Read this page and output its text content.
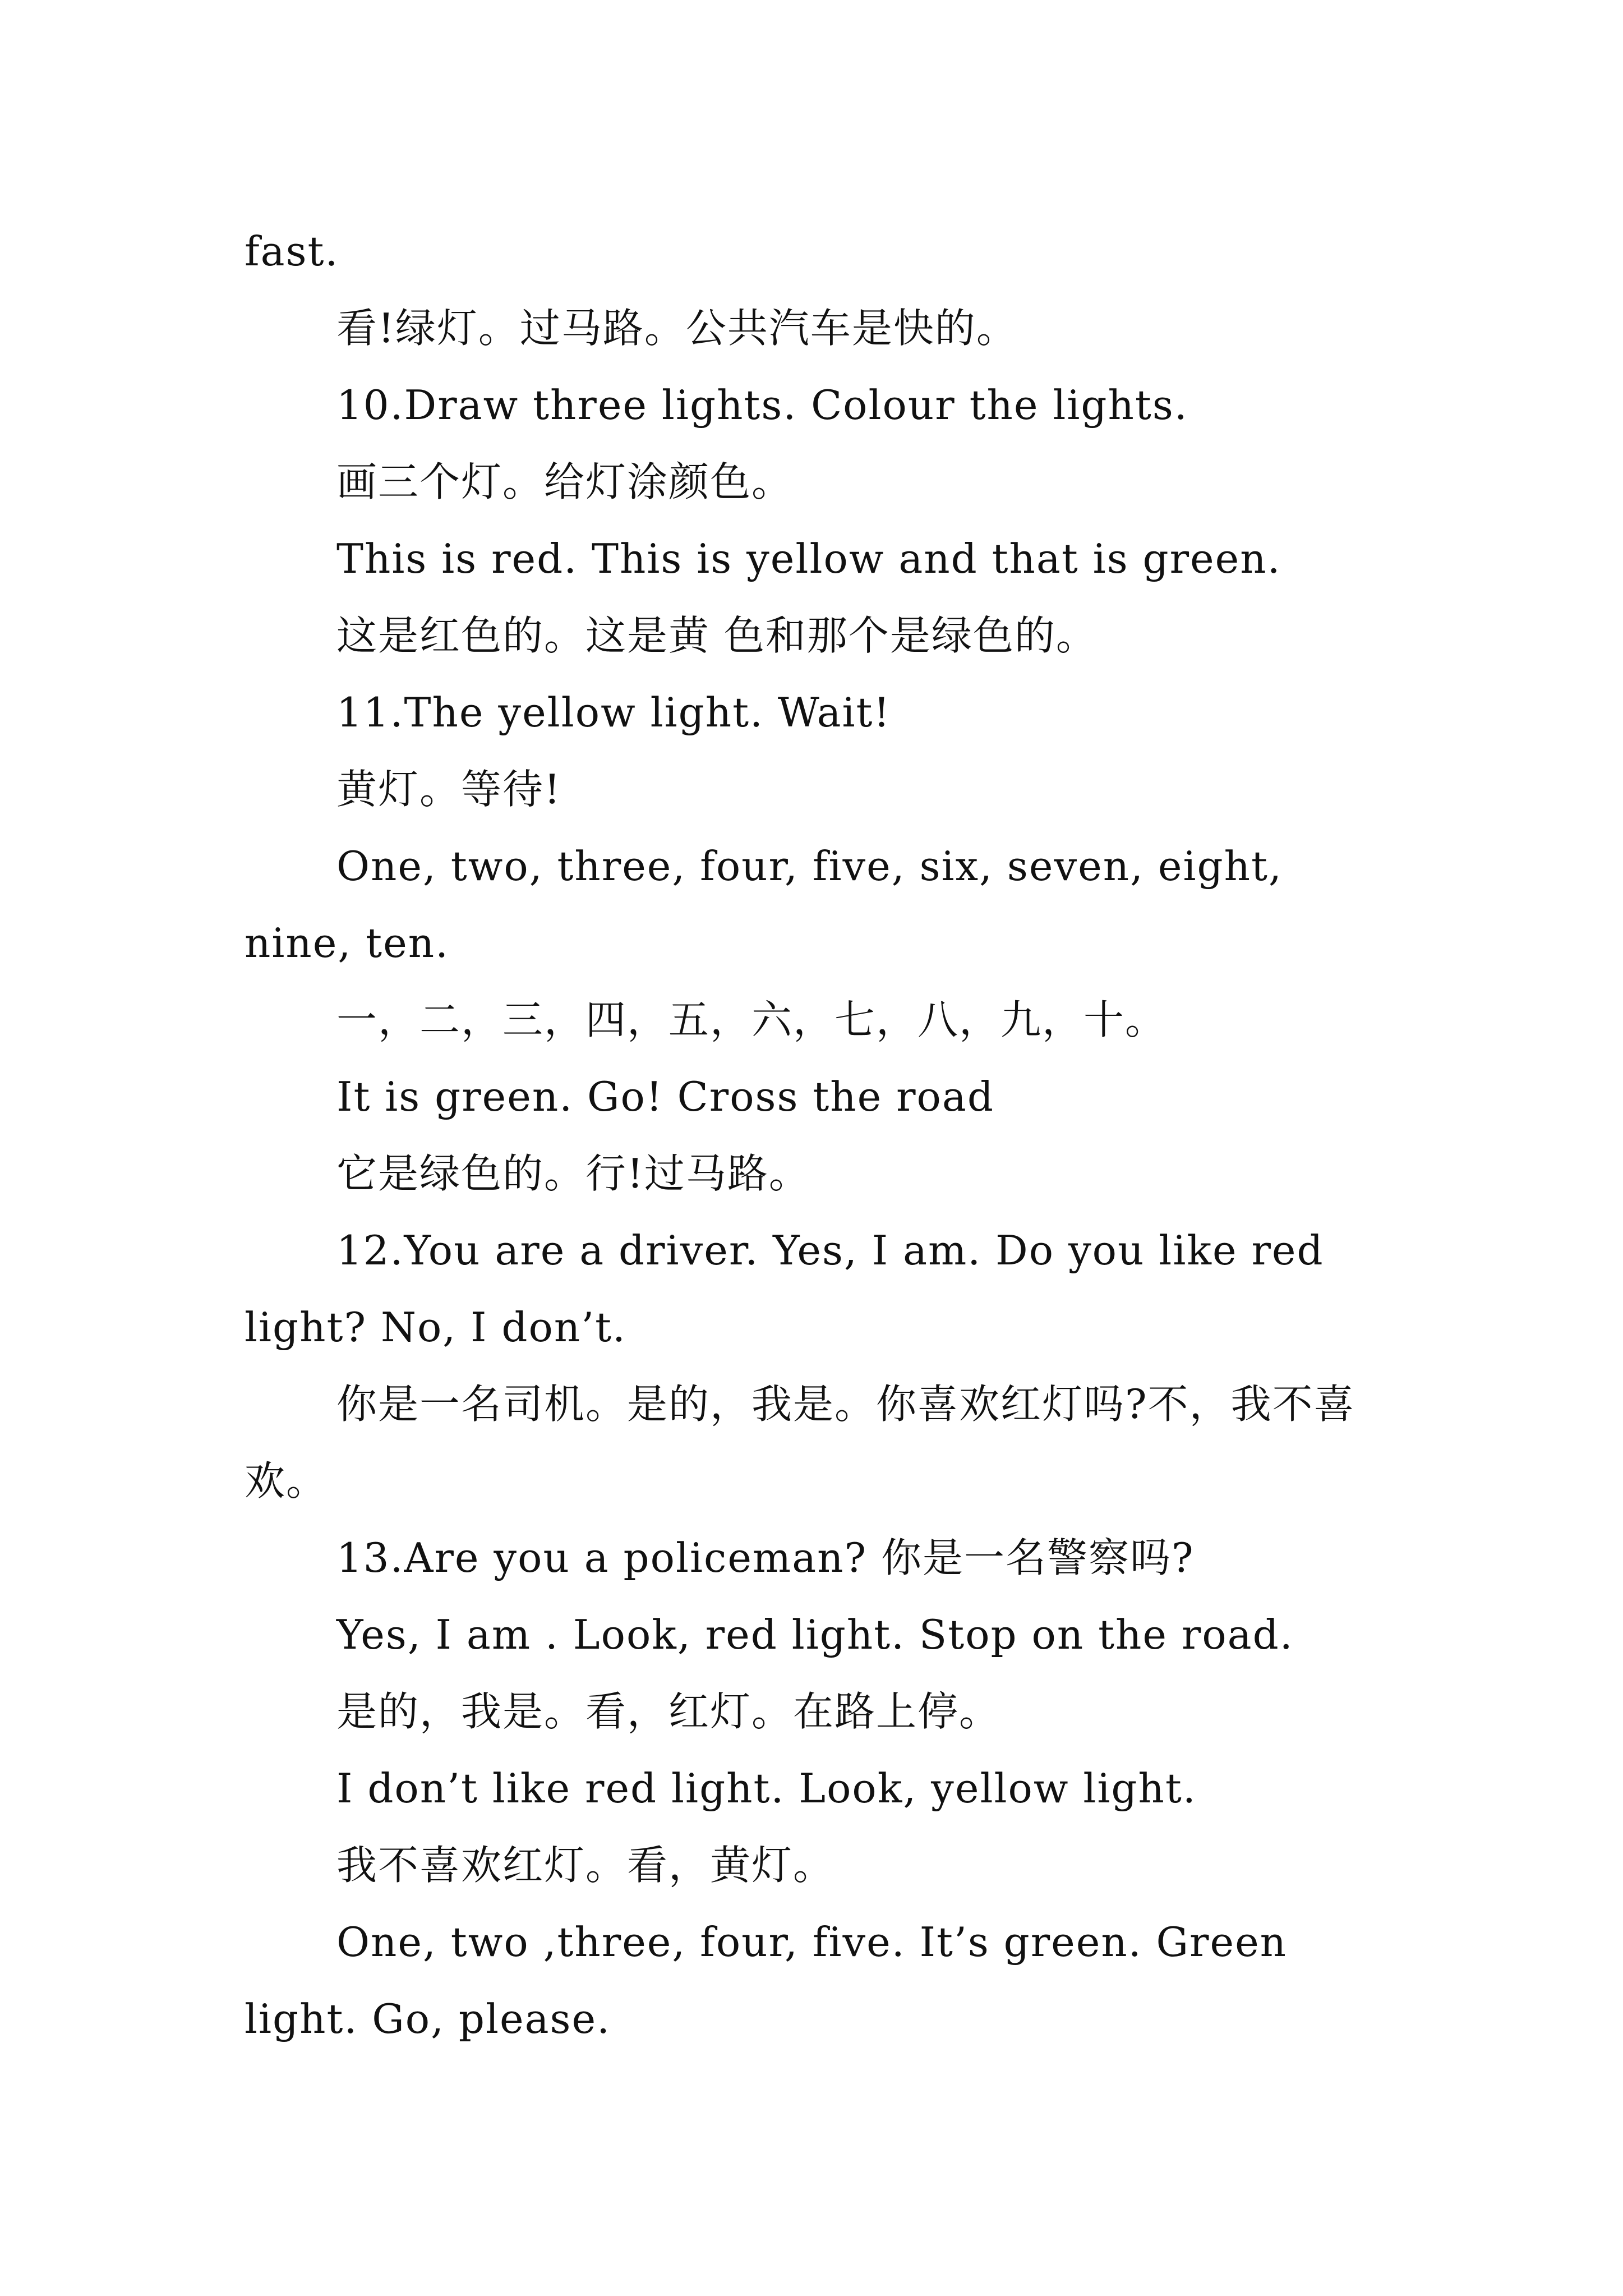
fast.

看!绿灯。过马路。公共汽车是快的。

10.Draw three lights. Colour the lights.

画三个灯。给灯涂颜色。

This is red. This is yellow and that is green.

这是红色的。这是黄 色和那个是绿色的。

11.The yellow light. Wait!

黄灯。等待!

One, two, three, four, five, six, seven, eight, nine, ten.

一，二，三，四，五，六，七，八，九，十。

It is green. Go! Cross the road

它是绿色的。行!过马路。

12.You are a driver. Yes, I am. Do you like red light? No, I don’t.

你是一名司机。是的，我是。你喜欢红灯吗?不，我不喜欢。

13.Are you a policeman? 你是一名警察吗?

Yes, I am . Look, red light. Stop on the road.

是的，我是。看，红灯。在路上停。

I don’t like red light. Look, yellow light.

我不喜欢红灯。看，黄灯。

One, two ,three, four, five. It’s green. Green light. Go, please.
